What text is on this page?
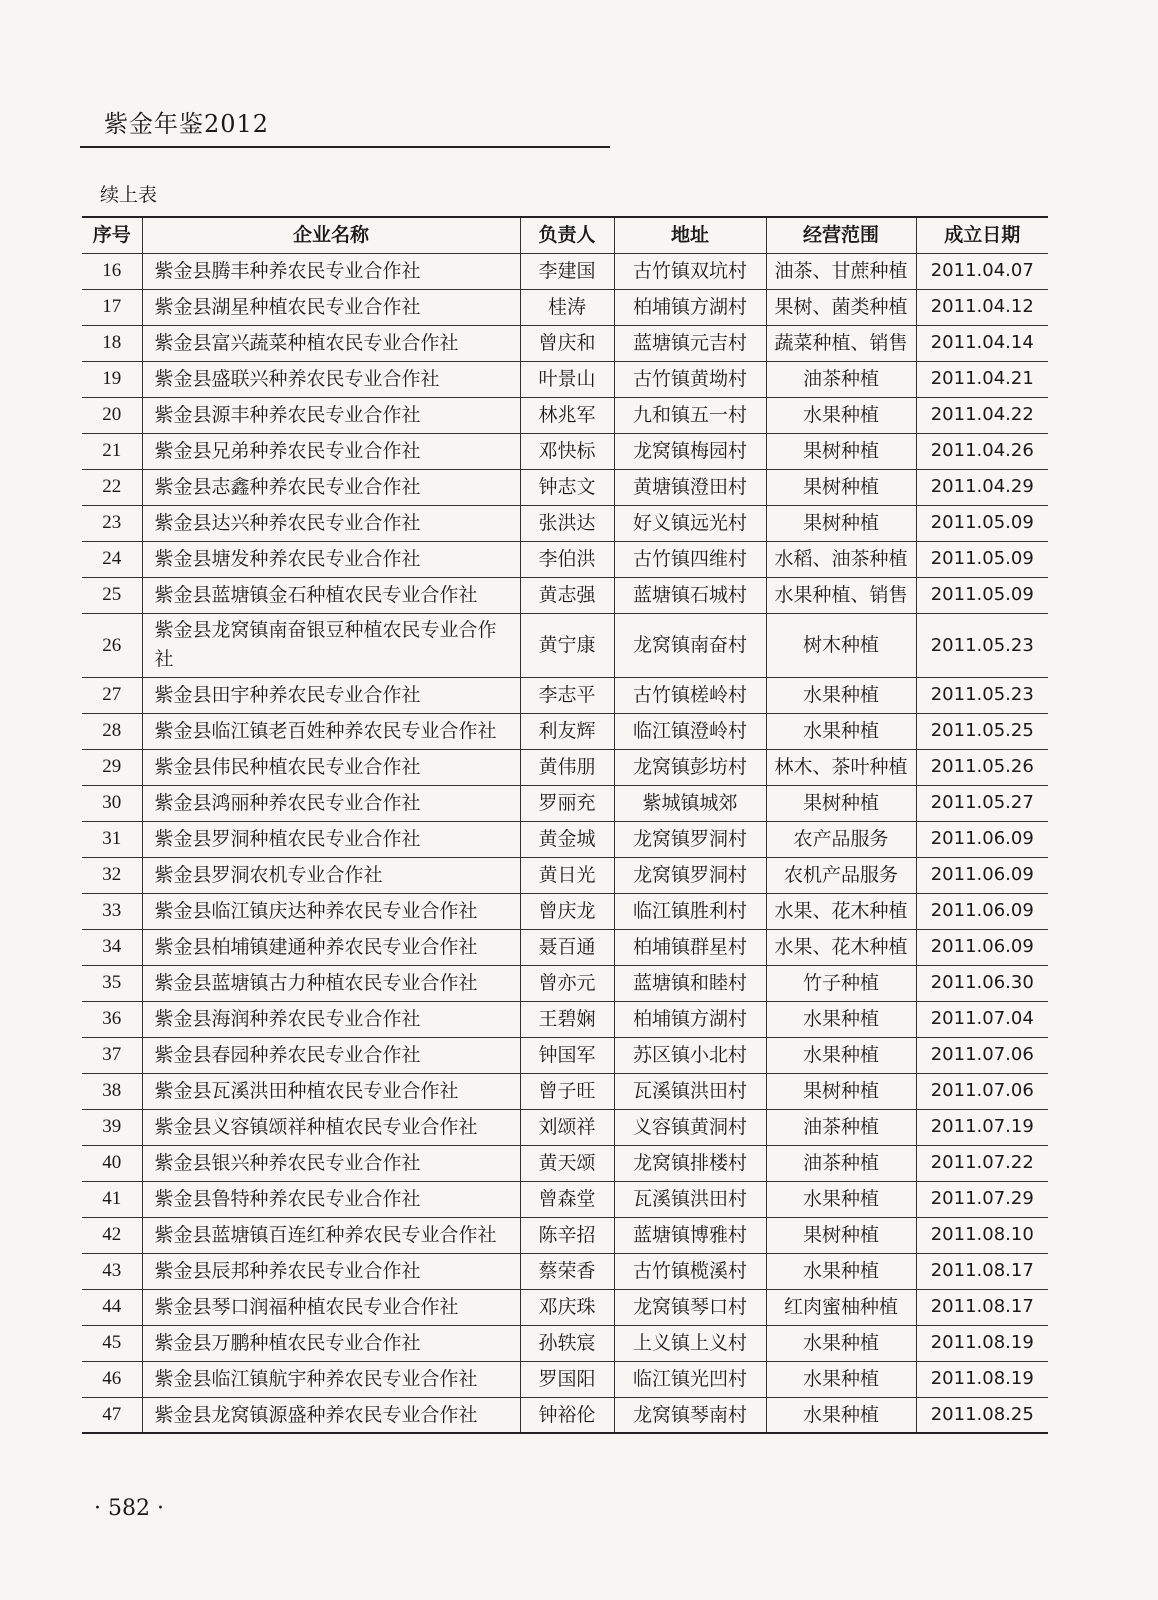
紫金年鉴2012
续上表
序号	企业名称	负责人	地址	经营范围	成立日期
16	紫金县腾丰种养农民专业合作社	李建国	古竹镇双坑村	油茶、甘蔗种植	2011.04.07
17	紫金县湖星种植农民专业合作社	桂涛	柏埔镇方湖村	果树、菌类种植	2011.04.12
18	紫金县富兴蔬菜种植农民专业合作社	曾庆和	蓝塘镇元吉村	蔬菜种植、销售	2011.04.14
19	紫金县盛联兴种养农民专业合作社	叶景山	古竹镇黄坳村	油茶种植	2011.04.21
20	紫金县源丰种养农民专业合作社	林兆军	九和镇五一村	水果种植	2011.04.22
21	紫金县兄弟种养农民专业合作社	邓快标	龙窝镇梅园村	果树种植	2011.04.26
22	紫金县志鑫种养农民专业合作社	钟志文	黄塘镇澄田村	果树种植	2011.04.29
23	紫金县达兴种养农民专业合作社	张洪达	好义镇远光村	果树种植	2011.05.09
24	紫金县塘发种养农民专业合作社	李伯洪	古竹镇四维村	水稻、油茶种植	2011.05.09
25	紫金县蓝塘镇金石种植农民专业合作社	黄志强	蓝塘镇石城村	水果种植、销售	2011.05.09
26	紫金县龙窝镇南奋银豆种植农民专业合作社	黄宁康	龙窝镇南奋村	树木种植	2011.05.23
27	紫金县田宇种养农民专业合作社	李志平	古竹镇槎岭村	水果种植	2011.05.23
28	紫金县临江镇老百姓种养农民专业合作社	利友辉	临江镇澄岭村	水果种植	2011.05.25
29	紫金县伟民种植农民专业合作社	黄伟朋	龙窝镇彭坊村	林木、茶叶种植	2011.05.26
30	紫金县鸿丽种养农民专业合作社	罗丽充	紫城镇城郊	果树种植	2011.05.27
31	紫金县罗洞种植农民专业合作社	黄金城	龙窝镇罗洞村	农产品服务	2011.06.09
32	紫金县罗洞农机专业合作社	黄日光	龙窝镇罗洞村	农机产品服务	2011.06.09
33	紫金县临江镇庆达种养农民专业合作社	曾庆龙	临江镇胜利村	水果、花木种植	2011.06.09
34	紫金县柏埔镇建通种养农民专业合作社	聂百通	柏埔镇群星村	水果、花木种植	2011.06.09
35	紫金县蓝塘镇古力种植农民专业合作社	曾亦元	蓝塘镇和睦村	竹子种植	2011.06.30
36	紫金县海润种养农民专业合作社	王碧娴	柏埔镇方湖村	水果种植	2011.07.04
37	紫金县春园种养农民专业合作社	钟国军	苏区镇小北村	水果种植	2011.07.06
38	紫金县瓦溪洪田种植农民专业合作社	曾子旺	瓦溪镇洪田村	果树种植	2011.07.06
39	紫金县义容镇颂祥种植农民专业合作社	刘颂祥	义容镇黄洞村	油茶种植	2011.07.19
40	紫金县银兴种养农民专业合作社	黄天颂	龙窝镇排楼村	油茶种植	2011.07.22
41	紫金县鲁特种养农民专业合作社	曾森堂	瓦溪镇洪田村	水果种植	2011.07.29
42	紫金县蓝塘镇百连红种养农民专业合作社	陈辛招	蓝塘镇博雅村	果树种植	2011.08.10
43	紫金县辰邦种养农民专业合作社	蔡荣香	古竹镇榄溪村	水果种植	2011.08.17
44	紫金县琴口润福种植农民专业合作社	邓庆珠	龙窝镇琴口村	红肉蜜柚种植	2011.08.17
45	紫金县万鹏种植农民专业合作社	孙轶宸	上义镇上义村	水果种植	2011.08.19
46	紫金县临江镇航宇种养农民专业合作社	罗国阳	临江镇光凹村	水果种植	2011.08.19
47	紫金县龙窝镇源盛种养农民专业合作社	钟裕伦	龙窝镇琴南村	水果种植	2011.08.25
· 582 ·
